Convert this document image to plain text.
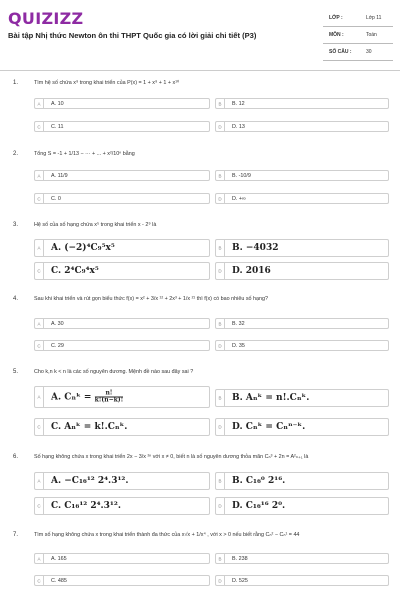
QUIZIZZ
Bài tập Nhị thức Newton ôn thi THPT Quốc gia có lời giải chi tiết (P3)
LỚP :	Lớp 11
MÔN :	Toán
SỐ CÂU :	30
1.	Tìm hệ số chứa x⁹ trong khai triển của P(x) = 1 + x⁹ + 1 + x¹⁰
A	A. 10	B	B. 12
C	C. 11	D	D. 13
2.	Tổng S = -1 + 1/13 − ··· + ... + x²/10ⁿ bằng
A	A. 11/9	B	B. -10/9
C	C. 0	D	D. +∞
3.	Hệ số của số hạng chứa x⁵ trong khai triển x - 2⁹ là
A A. (−2)⁴C₉⁵x⁵	B B. −4032
C C. 2⁴C₉⁴x⁵	D D. 2016
4.	Sau khi khai triển và rút gọn biểu thức f(x) = x² + 3/x ¹² + 2x³ + 1/x ²¹ thì f(x) có bao nhiêu số hạng?
A	A. 30	B	B. 32
C	C. 29	D	D. 35
5.	Cho k,n k < n là các số nguyên dương. Mệnh đề nào sau đây sai ?
A A. Cₙᵏ = $\frac{n!}{k!(n-k)!}$	B B. Aₙᵏ = n!.Cₙᵏ.
C C. Aₙᵏ = k!.Cₙᵏ.	D D. Cₙᵏ = Cₙⁿ⁻ᵏ.
6.	Số hạng không chứa x trong khai triển 2x − 3/x ²ⁿ với x ≠ 0, biết n là số nguyên dương thỏa mãn Cₙ³ + 2n = A²ₙ₊₁ là
A A. −C₁₆¹² 2⁴.3¹².	B B. C₁₆⁰ 2¹⁶.
C C. C₁₆¹² 2⁴.3¹².	D D. C₁₆¹⁶ 2⁰.
7.	Tìm số hạng không chứa x trong khai triển thành đa thức của x√x + 1/x⁴ , với x > 0 nếu biết rằng Cₙ² − Cₙ¹ = 44
A	A. 165	B	B. 238
C	C. 485	D	D. 525
